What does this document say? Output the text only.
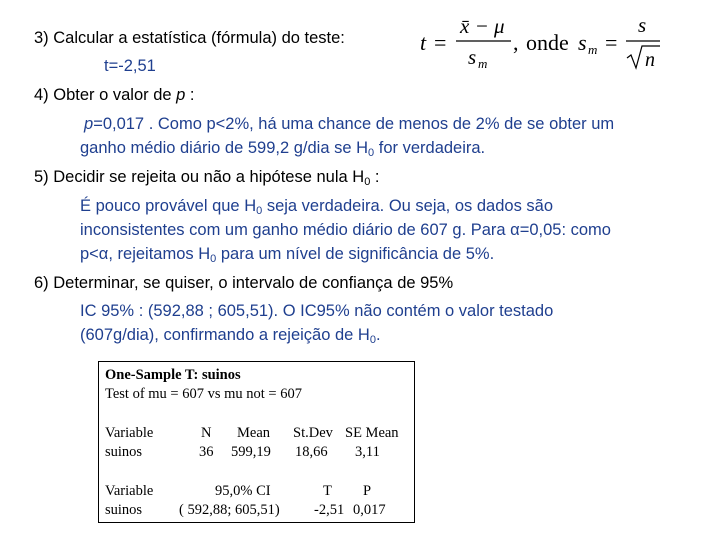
3) Calcular a estatística (fórmula) do teste:	t =
x̄ − μ
s m
, onde s m =
s
n
t=-2,51
4) Obter o valor de p :
p=0,017 . Como p<2%, há uma chance de menos de 2% de se obter um
ganho médio diário de 599,2 g/dia se $H_0$ for verdadeira.
5) Decidir se rejeita ou não a hipótese nula $H_0$ :
É pouco provável que $H_0$ seja verdadeira. Ou seja, os dados são
inconsistentes com um ganho médio diário de 607 g. Para α=0,05: como
p<α, rejeitamos $H_0$ para um nível de significância de 5%.
6) Determinar, se quiser, o intervalo de confiança de 95%
IC 95% : (592,88 ; 605,51). O IC95% não contém o valor testado
(607g/dia), confirmando a rejeição de $H_0$.
One-Sample T: suinos
Test of mu = 607 vs mu not = 607
Variable	N Mean St.Dev SE Mean
suinos	36 599,19 18,66 3,11
Variable	95,0% CI	T P
suinos	( 592,88; 605,51) -2,51 0,017
